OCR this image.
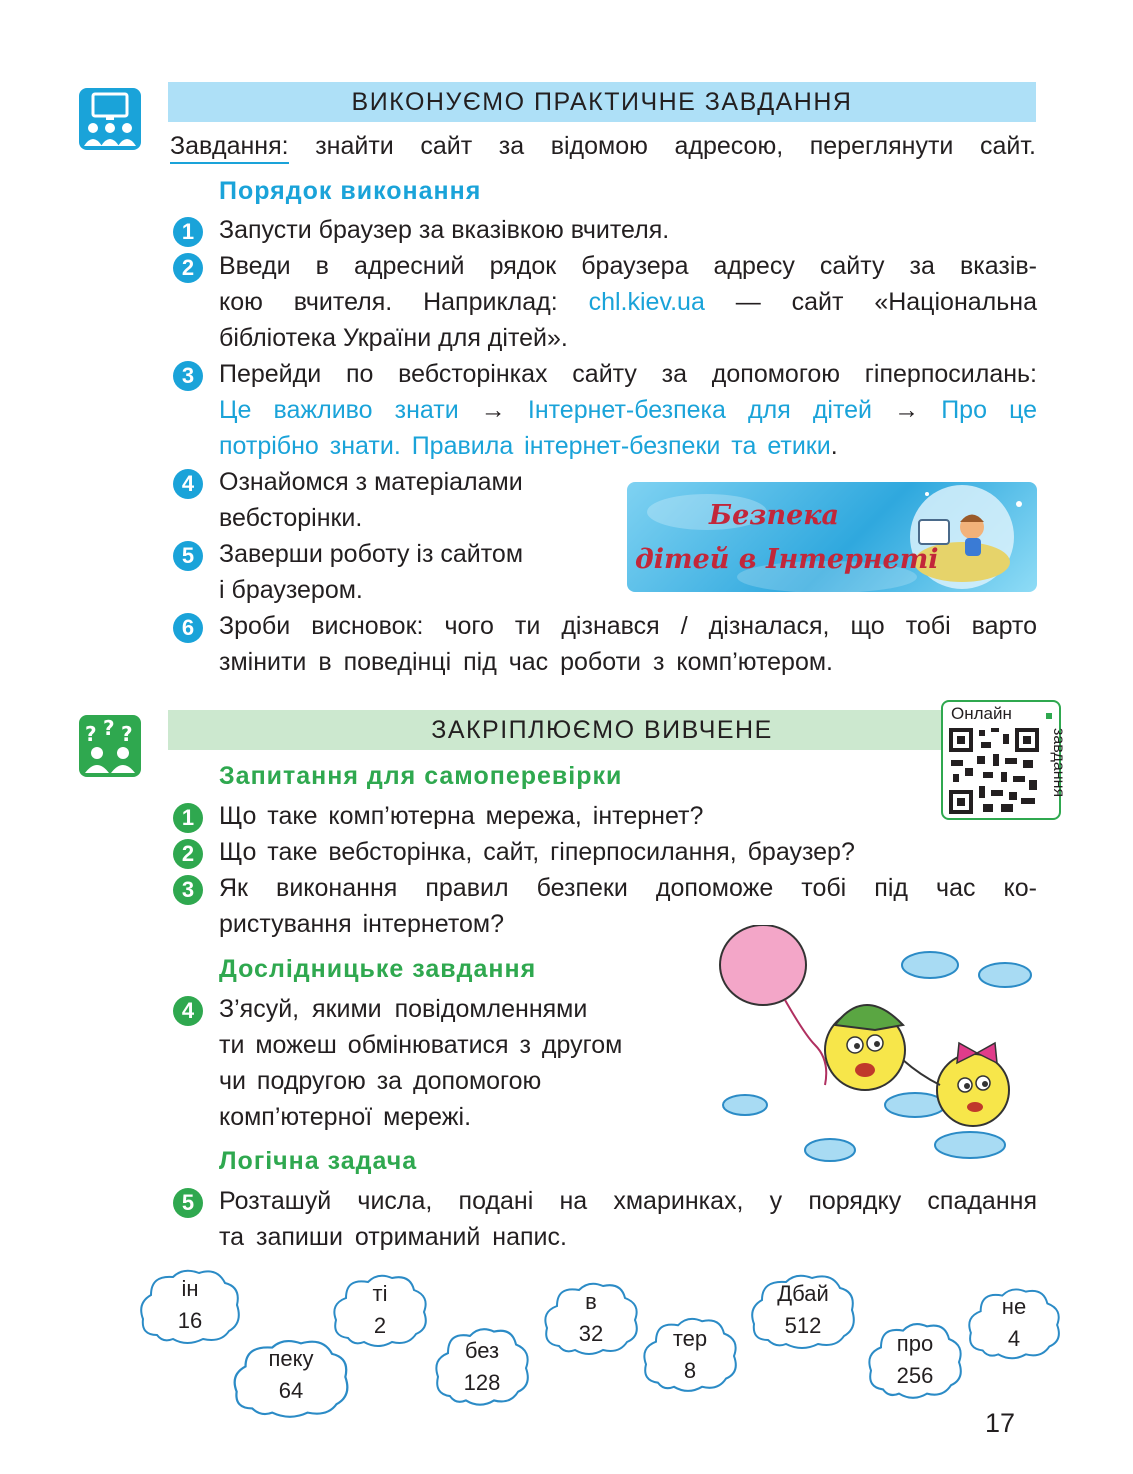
ВИКОНУЄМО ПРАКТИЧНЕ ЗАВДАННЯ
Завдання: знайти сайт за відомою адресою, переглянути сайт.
Порядок виконання
1 Запусти браузер за вказівкою вчителя.
2 Введи в адресний рядок браузера адресу сайту за вказів-
кою вчителя. Наприклад: chl.kiev.ua — сайт «Національна
бібліотека України для дітей».
3 Перейди по вебсторінках сайту за допомогою гіперпосилань:
Це важливо знати → Інтернет-безпека для дітей → Про це
потрібно знати. Правила інтернет-безпеки та етики.
4 Ознайомся з матеріалами
вебсторінки.
5 Заверши роботу із сайтом
і браузером.
Безпека
дітей в Інтернеті
6 Зроби висновок: чого ти дізнався / дізналася, що тобі варто
змінити в поведінці під час роботи з комп’ютером.
? ? ?	ЗАКРІПЛЮЄМО ВИВЧЕНЕ
Онлайн
завдання
Запитання для самоперевірки
1 Що таке комп’ютерна мережа, інтернет?
2 Що таке вебсторінка, сайт, гіперпосилання, браузер?
3 Як виконання правил безпеки допоможе тобі під час ко-
ристування інтернетом?
Дослідницьке завдання
4 З’ясуй, якими повідомленнями
ти можеш обмінюватися з другом
чи подругою за допомогою
комп’ютерної мережі.
Логічна задача
5 Розташуй числа, подані на хмаринках, у порядку спадання
та запиши отриманий напис.
ін
16
ті
2
в
32
Дбай
512
не
4
пеку
64
без
128
тер
8
про
256
17
